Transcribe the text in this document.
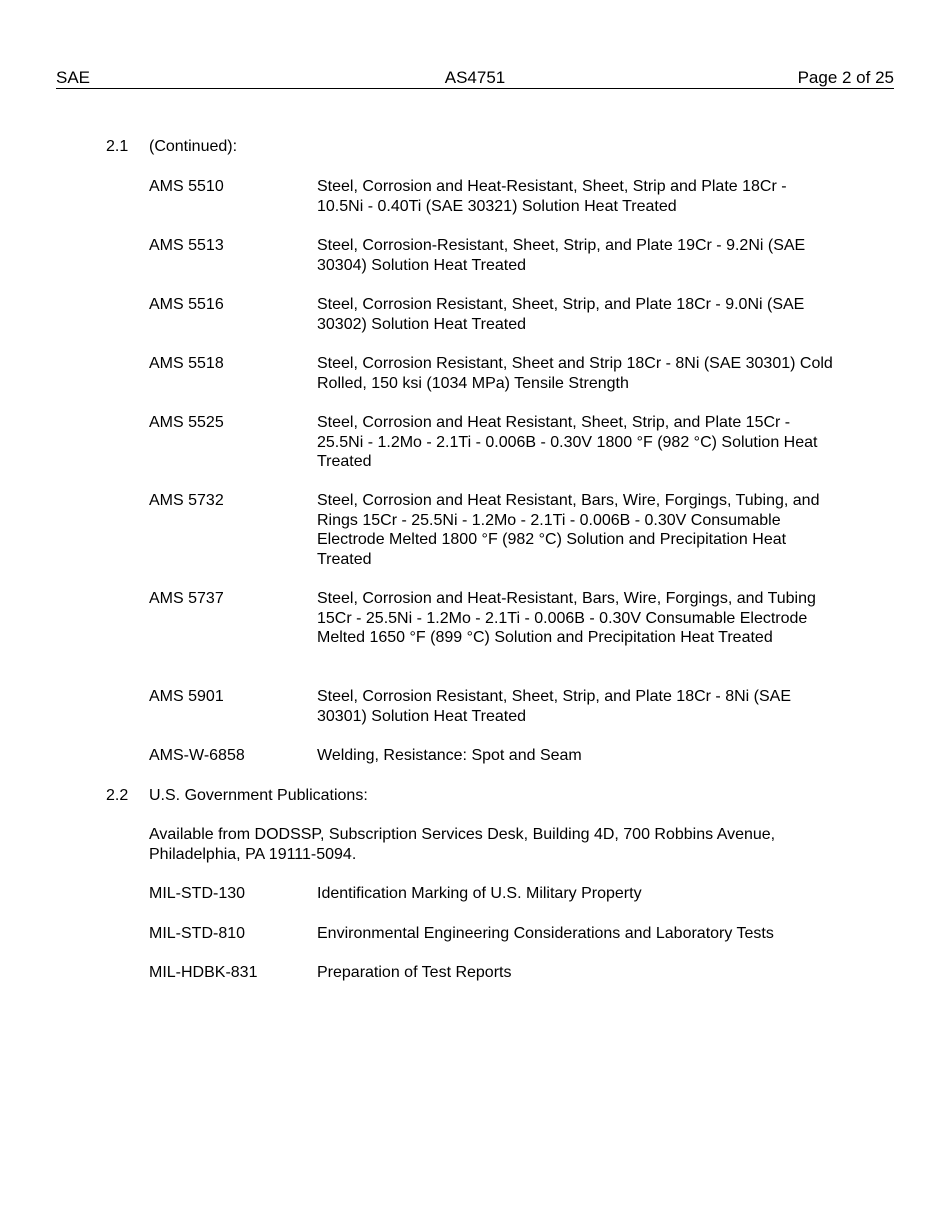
SAE	AS4751	Page 2 of 25
2.1 (Continued):
AMS 5510	Steel, Corrosion and Heat-Resistant, Sheet, Strip and Plate 18Cr - 10.5Ni - 0.40Ti (SAE 30321) Solution Heat Treated
AMS 5513	Steel, Corrosion-Resistant, Sheet, Strip, and Plate 19Cr - 9.2Ni (SAE 30304) Solution Heat Treated
AMS 5516	Steel, Corrosion Resistant, Sheet, Strip, and Plate 18Cr - 9.0Ni (SAE 30302) Solution Heat Treated
AMS 5518	Steel, Corrosion Resistant, Sheet and Strip 18Cr - 8Ni (SAE 30301) Cold Rolled, 150 ksi (1034 MPa) Tensile Strength
AMS 5525	Steel, Corrosion and Heat Resistant, Sheet, Strip, and Plate 15Cr - 25.5Ni - 1.2Mo - 2.1Ti - 0.006B - 0.30V 1800 °F (982 °C) Solution Heat Treated
AMS 5732	Steel, Corrosion and Heat Resistant, Bars, Wire, Forgings, Tubing, and Rings 15Cr - 25.5Ni - 1.2Mo - 2.1Ti - 0.006B - 0.30V Consumable Electrode Melted 1800 °F (982 °C) Solution and Precipitation Heat Treated
AMS 5737	Steel, Corrosion and Heat-Resistant, Bars, Wire, Forgings, and Tubing 15Cr - 25.5Ni - 1.2Mo - 2.1Ti - 0.006B - 0.30V Consumable Electrode Melted 1650 °F (899 °C) Solution and Precipitation Heat Treated
AMS 5901	Steel, Corrosion Resistant, Sheet, Strip, and Plate 18Cr - 8Ni (SAE 30301) Solution Heat Treated
AMS-W-6858	Welding, Resistance: Spot and Seam
2.2 U.S. Government Publications:
Available from DODSSP, Subscription Services Desk, Building 4D, 700 Robbins Avenue, Philadelphia, PA 19111-5094.
MIL-STD-130	Identification Marking of U.S. Military Property
MIL-STD-810	Environmental Engineering Considerations and Laboratory Tests
MIL-HDBK-831	Preparation of Test Reports
